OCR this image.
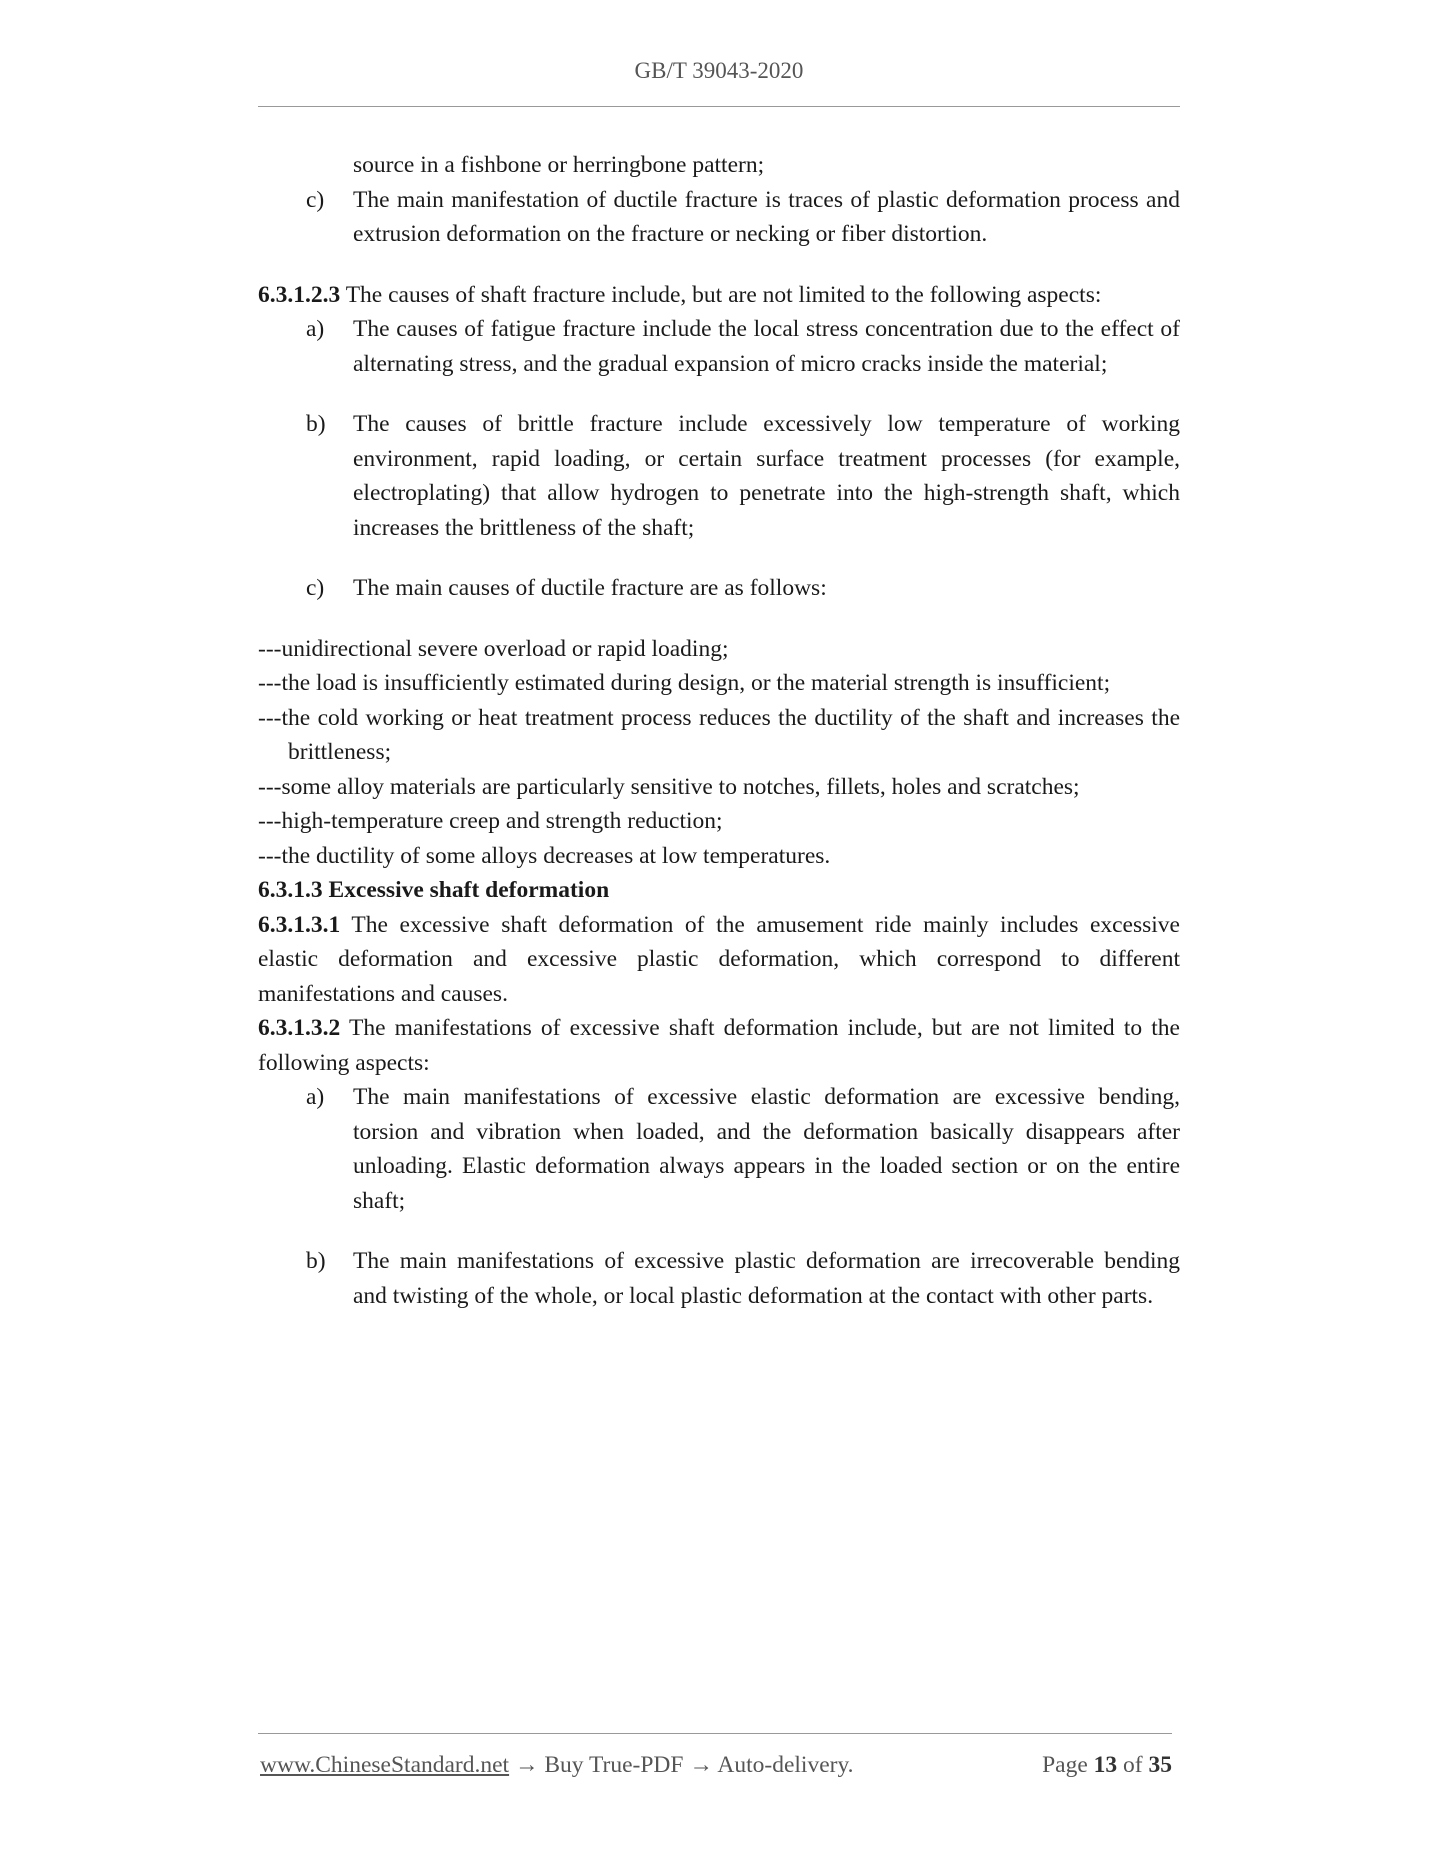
GB/T 39043-2020

source in a fishbone or herringbone pattern;

c)	The main manifestation of ductile fracture is traces of plastic deformation process and extrusion deformation on the fracture or necking or fiber distortion.

6.3.1.2.3 The causes of shaft fracture include, but are not limited to the following aspects:

a)	The causes of fatigue fracture include the local stress concentration due to the effect of alternating stress, and the gradual expansion of micro cracks inside the material;
b)	The causes of brittle fracture include excessively low temperature of working environment, rapid loading, or certain surface treatment processes (for example, electroplating) that allow hydrogen to penetrate into the high-strength shaft, which increases the brittleness of the shaft;
c)	The main causes of ductile fracture are as follows:

---unidirectional severe overload or rapid loading;

---the load is insufficiently estimated during design, or the material strength is insufficient;

---the cold working or heat treatment process reduces the ductility of the shaft and increases the brittleness;

---some alloy materials are particularly sensitive to notches, fillets, holes and scratches;

---high-temperature creep and strength reduction;

---the ductility of some alloys decreases at low temperatures.

6.3.1.3 Excessive shaft deformation

6.3.1.3.1 The excessive shaft deformation of the amusement ride mainly includes excessive elastic deformation and excessive plastic deformation, which correspond to different manifestations and causes.

6.3.1.3.2 The manifestations of excessive shaft deformation include, but are not limited to the following aspects:

a)	The main manifestations of excessive elastic deformation are excessive bending, torsion and vibration when loaded, and the deformation basically disappears after unloading. Elastic deformation always appears in the loaded section or on the entire shaft;
b)	The main manifestations of excessive plastic deformation are irrecoverable bending and twisting of the whole, or local plastic deformation at the contact with other parts.
www.ChineseStandard.net → Buy True-PDF → Auto-delivery.	Page 13 of 35
